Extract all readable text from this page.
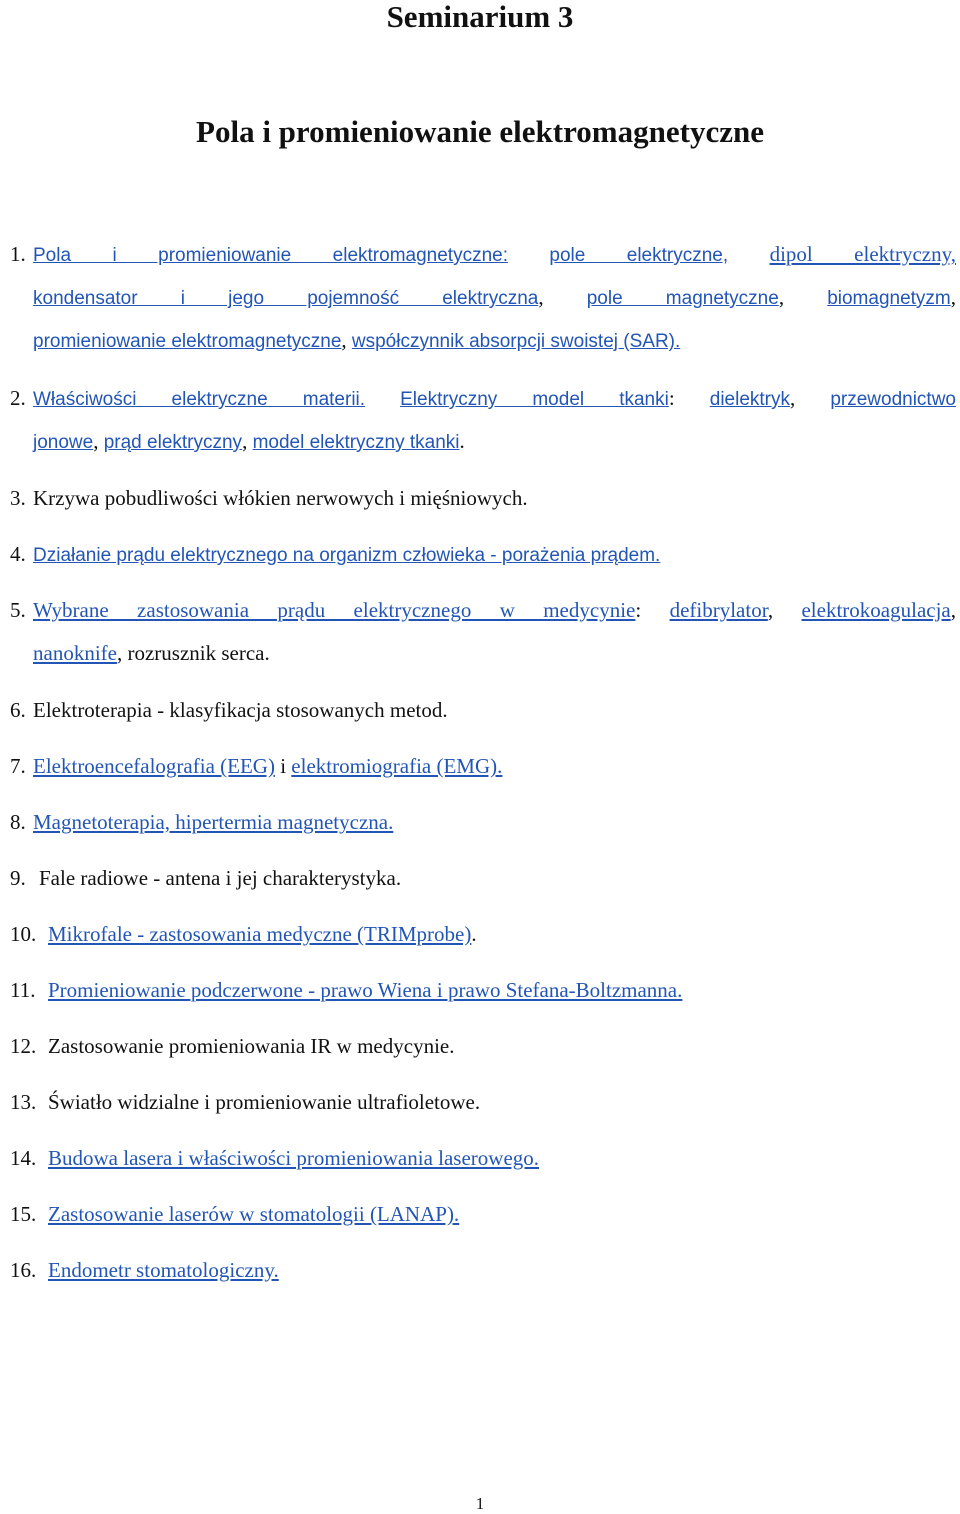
Seminarium 3
Pola i promieniowanie elektromagnetyczne
1. Pola i promieniowanie elektromagnetyczne: pole elektryczne, dipol elektryczny,
kondensator i jego pojemność elektryczna, pole magnetyczne, biomagnetyzm,
promieniowanie elektromagnetyczne, współczynnik absorpcji swoistej (SAR).
2. Właściwości elektryczne materii. Elektryczny model tkanki: dielektryk, przewodnictwo
jonowe, prąd elektryczny, model elektryczny tkanki.
3. Krzywa pobudliwości włókien nerwowych i mięśniowych.
4. Działanie prądu elektrycznego na organizm człowieka - porażenia prądem.
5. Wybrane zastosowania prądu elektrycznego w medycynie: defibrylator, elektrokoagulacja,
nanoknife, rozrusznik serca.
6. Elektroterapia - klasyfikacja stosowanych metod.
7. Elektroencefalografia (EEG) i elektromiografia (EMG).
8. Magnetoterapia, hipertermia magnetyczna.
9. Fale radiowe - antena i jej charakterystyka.
10. Mikrofale - zastosowania medyczne (TRIMprobe).
11. Promieniowanie podczerwone - prawo Wiena i prawo Stefana-Boltzmanna.
12. Zastosowanie promieniowania IR w medycynie.
13. Światło widzialne i promieniowanie ultrafioletowe.
14. Budowa lasera i właściwości promieniowania laserowego.
15. Zastosowanie laserów w stomatologii (LANAP).
16. Endometr stomatologiczny.
1
